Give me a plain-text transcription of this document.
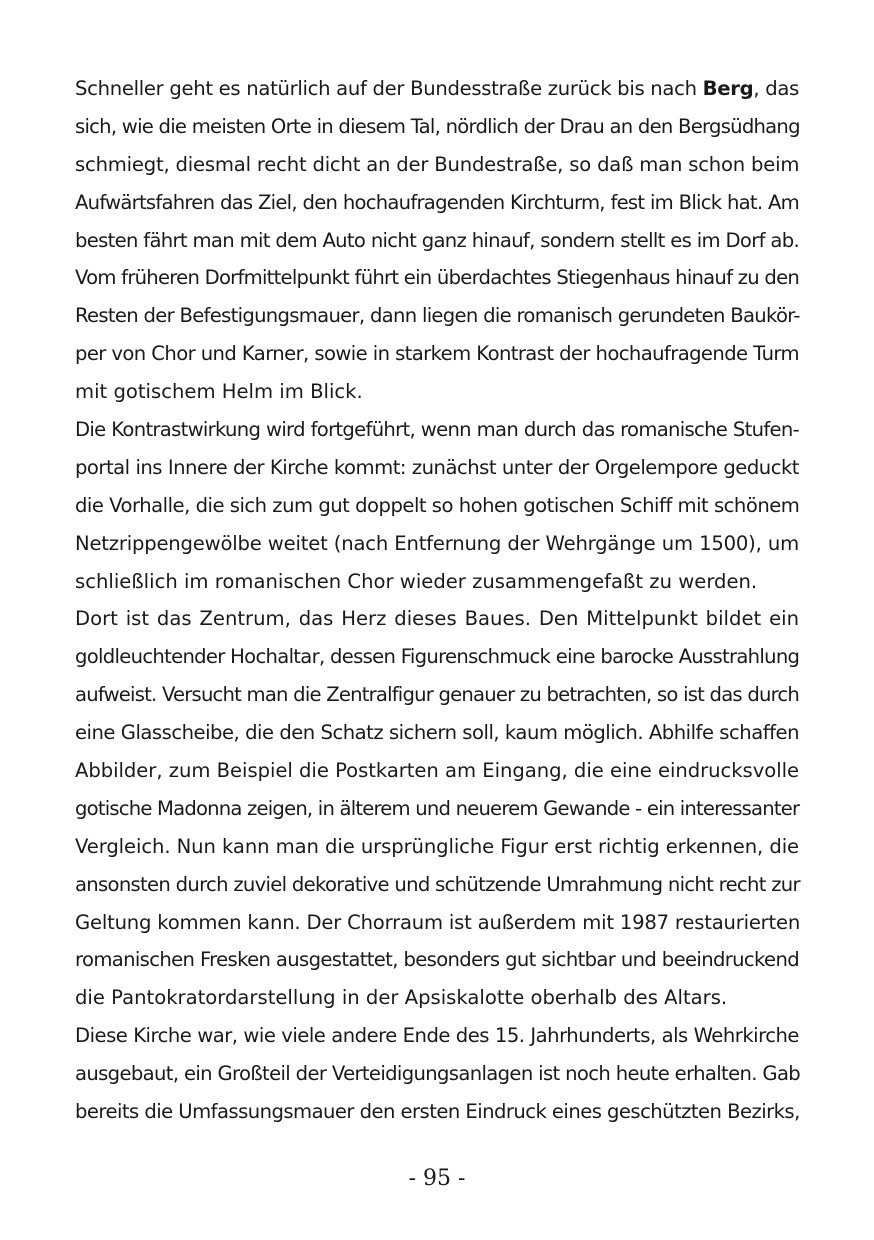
Schneller geht es natürlich auf der Bundesstraße zurück bis nach Berg, das
sich, wie die meisten Orte in diesem Tal, nördlich der Drau an den Bergsüdhang
schmiegt, diesmal recht dicht an der Bundestraße, so daß man schon beim
Aufwärtsfahren das Ziel, den hochaufragenden Kirchturm, fest im Blick hat. Am
besten fährt man mit dem Auto nicht ganz hinauf, sondern stellt es im Dorf ab.
Vom früheren Dorfmittelpunkt führt ein überdachtes Stiegenhaus hinauf zu den
Resten der Befestigungsmauer, dann liegen die romanisch gerundeten Baukör-
per von Chor und Karner, sowie in starkem Kontrast der hochaufragende Turm
mit gotischem Helm im Blick.
Die Kontrastwirkung wird fortgeführt, wenn man durch das romanische Stufen-
portal ins Innere der Kirche kommt: zunächst unter der Orgelempore geduckt
die Vorhalle, die sich zum gut doppelt so hohen gotischen Schiff mit schönem
Netzrippengewölbe weitet (nach Entfernung der Wehrgänge um 1500), um
schließlich im romanischen Chor wieder zusammengefaßt zu werden.
Dort ist das Zentrum, das Herz dieses Baues. Den Mittelpunkt bildet ein
goldleuchtender Hochaltar, dessen Figurenschmuck eine barocke Ausstrahlung
aufweist. Versucht man die Zentralfigur genauer zu betrachten, so ist das durch
eine Glasscheibe, die den Schatz sichern soll, kaum möglich. Abhilfe schaffen
Abbilder, zum Beispiel die Postkarten am Eingang, die eine eindrucksvolle
gotische Madonna zeigen, in älterem und neuerem Gewande - ein interessanter
Vergleich. Nun kann man die ursprüngliche Figur erst richtig erkennen, die
ansonsten durch zuviel dekorative und schützende Umrahmung nicht recht zur
Geltung kommen kann. Der Chorraum ist außerdem mit 1987 restaurierten
romanischen Fresken ausgestattet, besonders gut sichtbar und beeindruckend
die Pantokratordarstellung in der Apsiskalotte oberhalb des Altars.
Diese Kirche war, wie viele andere Ende des 15. Jahrhunderts, als Wehrkirche
ausgebaut, ein Großteil der Verteidigungsanlagen ist noch heute erhalten. Gab
bereits die Umfassungsmauer den ersten Eindruck eines geschützten Bezirks,
- 95 -
